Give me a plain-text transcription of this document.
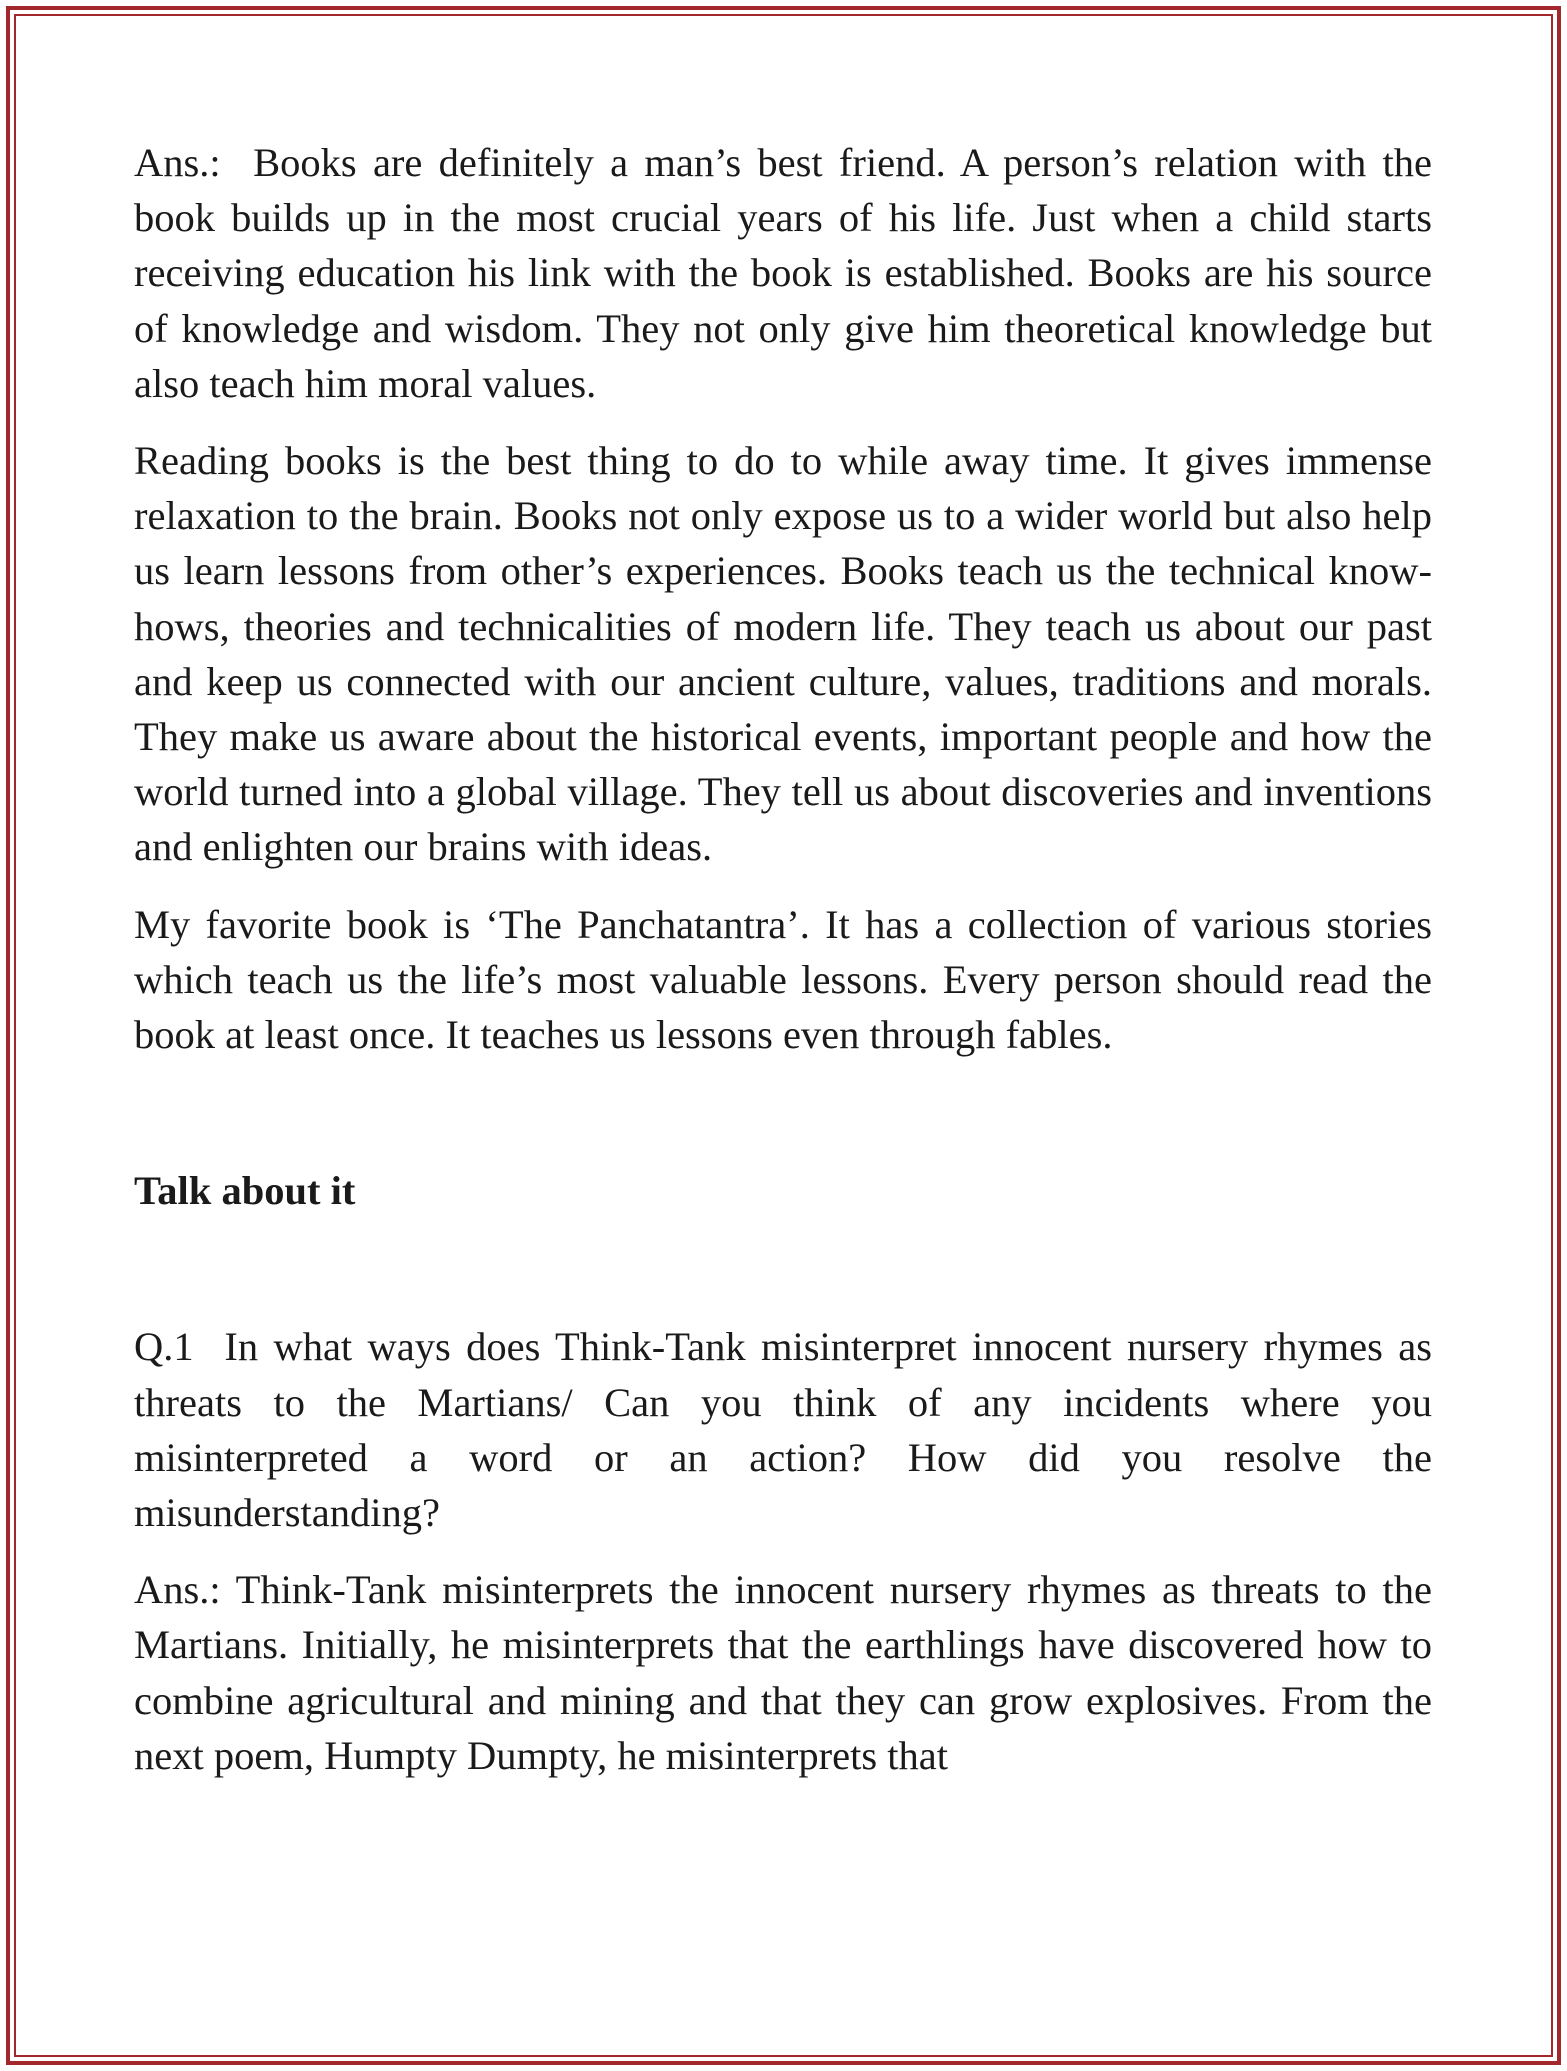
Ans.:  Books are definitely a man’s best friend. A person’s relation with the book builds up in the most crucial years of his life. Just when a child starts receiving education his link with the book is established. Books are his source of knowledge and wisdom. They not only give him theoretical knowledge but also teach him moral values.

Reading books is the best thing to do to while away time. It gives immense relaxation to the brain. Books not only expose us to a wider world but also help us learn lessons from other’s experiences. Books teach us the technical know-hows, theories and technicalities of modern life. They teach us about our past and keep us connected with our ancient culture, values, traditions and morals. They make us aware about the historical events, important people and how the world turned into a global village. They tell us about discoveries and inventions and enlighten our brains with ideas.

My favorite book is ‘The Panchatantra’. It has a collection of various stories which teach us the life’s most valuable lessons. Every person should read the book at least once. It teaches us lessons even through fables.

Talk about it

Q.1  In what ways does Think-Tank misinterpret innocent nursery rhymes as threats to the Martians/ Can you think of any incidents where you misinterpreted a word or an action? How did you resolve the misunderstanding?

Ans.: Think-Tank misinterprets the innocent nursery rhymes as threats to the Martians. Initially, he misinterprets that the earthlings have discovered how to combine agricultural and mining and that they can grow explosives. From the next poem, Humpty Dumpty, he misinterprets that
